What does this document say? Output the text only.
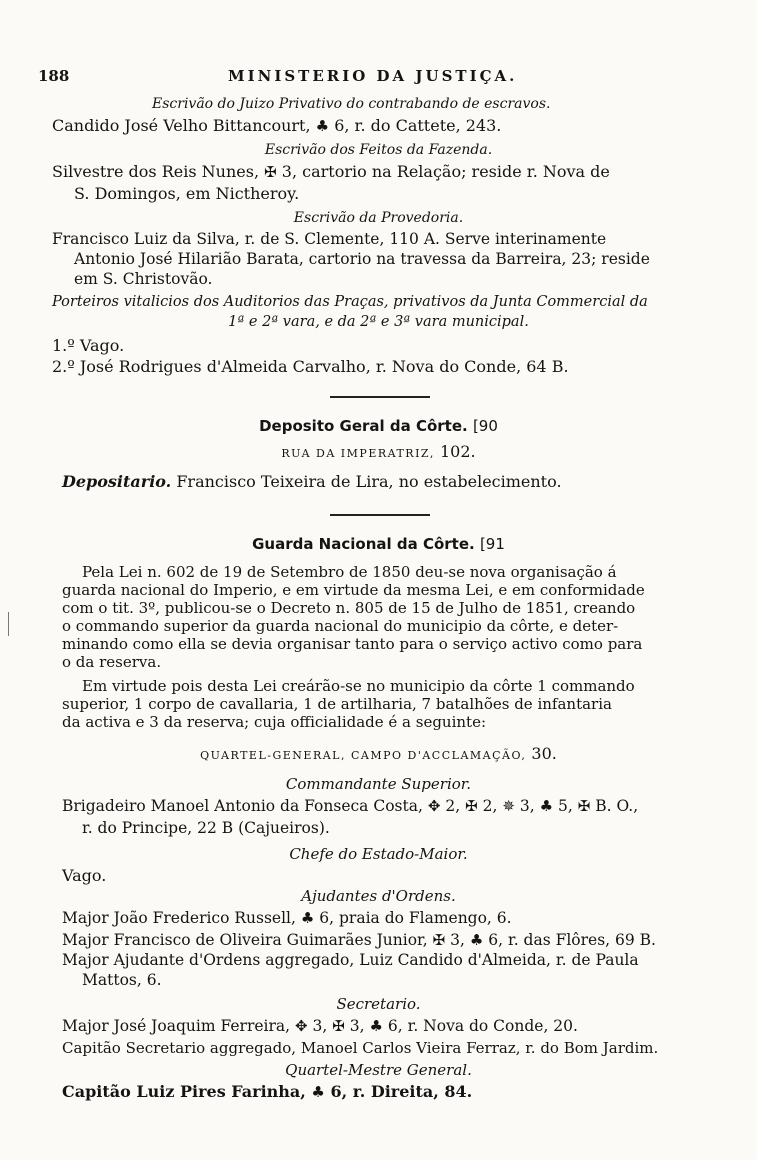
188	MINISTERIO DA JUSTIÇA.
Escrivão do Juizo Privativo do contrabando de escravos.
Candido José Velho Bittancourt, ♣ 6, r. do Cattete, 243.
Escrivão dos Feitos da Fazenda.
Silvestre dos Reis Nunes, ✠ 3, cartorio na Relação; reside r. Nova de
S. Domingos, em Nictheroy.
Escrivão da Provedoria.
Francisco Luiz da Silva, r. de S. Clemente, 110 A. Serve interinamente
Antonio José Hilarião Barata, cartorio na travessa da Barreira, 23; reside
em S. Christovão.
Porteiros vitalicios dos Auditorios das Praças, privativos da Junta Commercial da
1ª e 2ª vara, e da 2ª e 3ª vara municipal.
1.º Vago.
2.º José Rodrigues d'Almeida Carvalho, r. Nova do Conde, 64 B.
Deposito Geral da Côrte. [90
RUA DA IMPERATRIZ, 102.
Depositario. Francisco Teixeira de Lira, no estabelecimento.
Guarda Nacional da Côrte. [91
Pela Lei n. 602 de 19 de Setembro de 1850 deu-se nova organisação á
guarda nacional do Imperio, e em virtude da mesma Lei, e em conformidade
com o tit. 3º, publicou-se o Decreto n. 805 de 15 de Julho de 1851, creando
o commando superior da guarda nacional do municipio da côrte, e deter-
minando como ella se devia organisar tanto para o serviço activo como para
o da reserva.
Em virtude pois desta Lei creárão-se no municipio da côrte 1 commando
superior, 1 corpo de cavallaria, 1 de artilharia, 7 batalhões de infantaria
da activa e 3 da reserva; cuja officialidade é a seguinte:
QUARTEL-GENERAL, CAMPO D'ACCLAMAÇÃO, 30.
Commandante Superior.
Brigadeiro Manoel Antonio da Fonseca Costa, ✥ 2, ✠ 2, ✵ 3, ♣ 5, ✠ B. O.,
r. do Principe, 22 B (Cajueiros).
Chefe do Estado-Maior.
Vago.
Ajudantes d'Ordens.
Major João Frederico Russell, ♣ 6, praia do Flamengo, 6.
Major Francisco de Oliveira Guimarães Junior, ✠ 3, ♣ 6, r. das Flôres, 69 B.
Major Ajudante d'Ordens aggregado, Luiz Candido d'Almeida, r. de Paula
Mattos, 6.
Secretario.
Major José Joaquim Ferreira, ✥ 3, ✠ 3, ♣ 6, r. Nova do Conde, 20.
Capitão Secretario aggregado, Manoel Carlos Vieira Ferraz, r. do Bom Jardim.
Quartel-Mestre General.
Capitão Luiz Pires Farinha, ♣ 6, r. Direita, 84.
